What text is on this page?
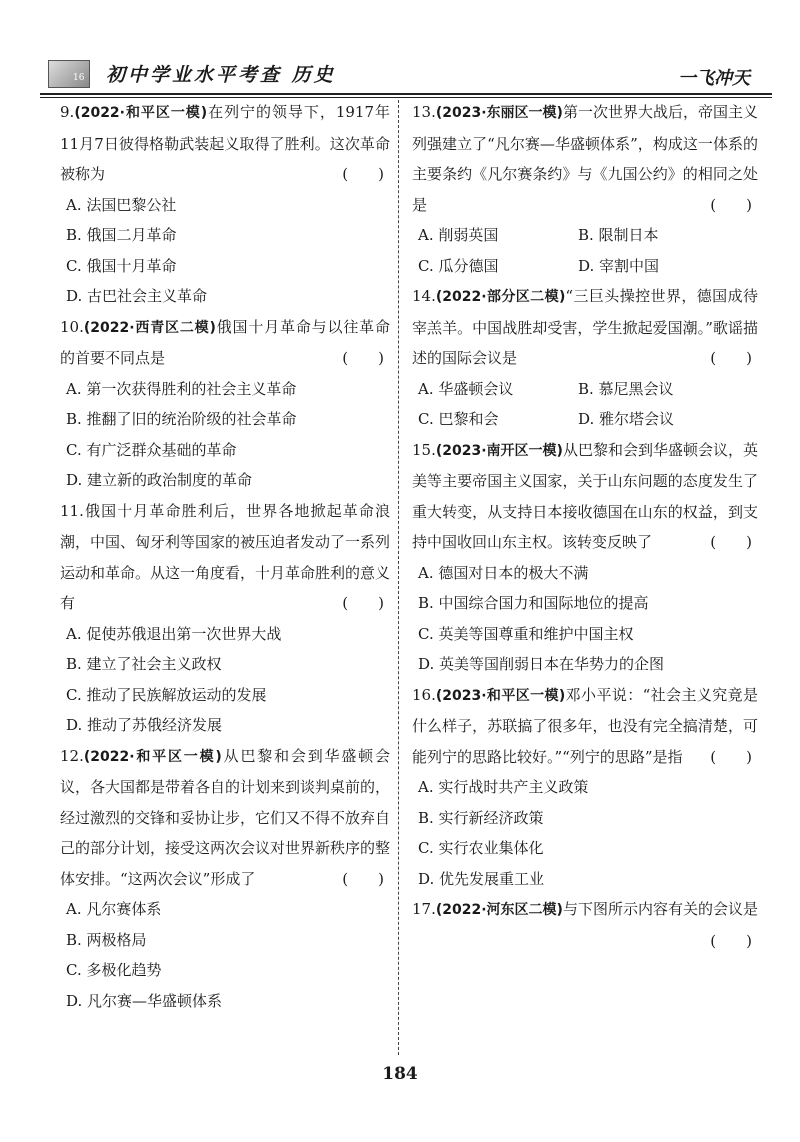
16 初中学业水平考查 历史	一飞冲天
9.(2022·和平区一模)在列宁的领导下，1917年11月7日彼得格勒武装起义取得了胜利。这次革命被称为	(　　)
A. 法国巴黎公社
B. 俄国二月革命
C. 俄国十月革命
D. 古巴社会主义革命
10.(2022·西青区二模)俄国十月革命与以往革命的首要不同点是	(　　)
A. 第一次获得胜利的社会主义革命
B. 推翻了旧的统治阶级的社会革命
C. 有广泛群众基础的革命
D. 建立新的政治制度的革命
11.俄国十月革命胜利后，世界各地掀起革命浪潮，中国、匈牙利等国家的被压迫者发动了一系列运动和革命。从这一角度看，十月革命胜利的意义有	(　　)
A. 促使苏俄退出第一次世界大战
B. 建立了社会主义政权
C. 推动了民族解放运动的发展
D. 推动了苏俄经济发展
12.(2022·和平区一模)从巴黎和会到华盛顿会议，各大国都是带着各自的计划来到谈判桌前的，经过激烈的交锋和妥协让步，它们又不得不放弃自己的部分计划，接受这两次会议对世界新秩序的整体安排。“这两次会议”形成了	(　　)
A. 凡尔赛体系
B. 两极格局
C. 多极化趋势
D. 凡尔赛—华盛顿体系
13.(2023·东丽区一模)第一次世界大战后，帝国主义列强建立了“凡尔赛—华盛顿体系”，构成这一体系的主要条约《凡尔赛条约》与《九国公约》的相同之处是	(　　)
A. 削弱英国	B. 限制日本
C. 瓜分德国	D. 宰割中国
14.(2022·部分区二模)“三巨头操控世界，德国成待宰羔羊。中国战胜却受害，学生掀起爱国潮。”歌谣描述的国际会议是	(　　)
A. 华盛顿会议	B. 慕尼黑会议
C. 巴黎和会	D. 雅尔塔会议
15.(2023·南开区一模)从巴黎和会到华盛顿会议，英美等主要帝国主义国家，关于山东问题的态度发生了重大转变，从支持日本接收德国在山东的权益，到支持中国收回山东主权。该转变反映了	(　　)
A. 德国对日本的极大不满
B. 中国综合国力和国际地位的提高
C. 英美等国尊重和维护中国主权
D. 英美等国削弱日本在华势力的企图
16.(2023·和平区一模)邓小平说：“社会主义究竟是什么样子，苏联搞了很多年，也没有完全搞清楚，可能列宁的思路比较好。”“列宁的思路”是指 (　　)
A. 实行战时共产主义政策
B. 实行新经济政策
C. 实行农业集体化
D. 优先发展重工业
17.(2022·河东区二模)与下图所示内容有关的会议是
(　　)
184
